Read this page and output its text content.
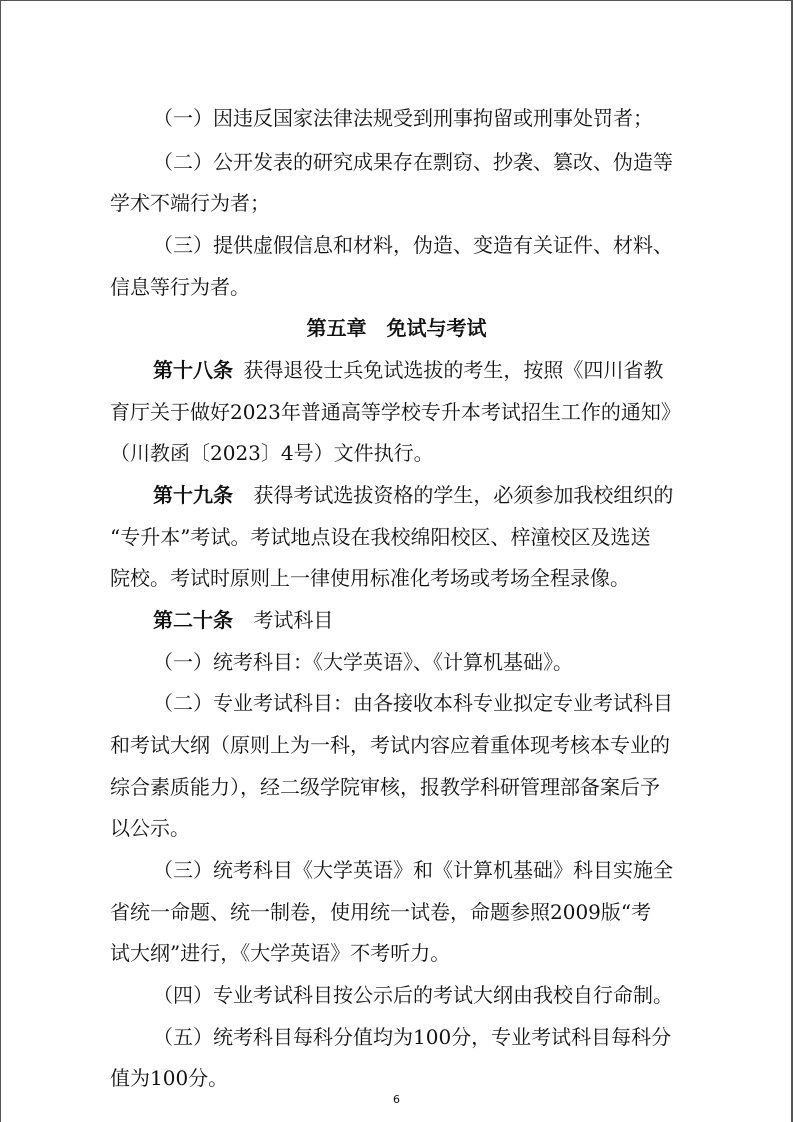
（一）因违反国家法律法规受到刑事拘留或刑事处罚者；
（二）公开发表的研究成果存在剽窃、抄袭、篡改、伪造等
学术不端行为者；
（三）提供虚假信息和材料，伪造、变造有关证件、材料、
信息等行为者。
第五章　免试与考试
第十八条 获得退役士兵免试选拔的考生，按照《四川省教
育厅关于做好2023年普通高等学校专升本考试招生工作的通知》
（川教函〔2023〕4号）文件执行。
第十九条 获得考试选拔资格的学生，必须参加我校组织的
“专升本”考试。考试地点设在我校绵阳校区、梓潼校区及选送
院校。考试时原则上一律使用标准化考场或考场全程录像。
第二十条 考试科目
（一）统考科目：《大学英语》、《计算机基础》。
（二）专业考试科目：由各接收本科专业拟定专业考试科目
和考试大纲（原则上为一科，考试内容应着重体现考核本专业的
综合素质能力），经二级学院审核，报教学科研管理部备案后予
以公示。
（三）统考科目《大学英语》和《计算机基础》科目实施全
省统一命题、统一制卷，使用统一试卷，命题参照2009版“考
试大纲”进行，《大学英语》不考听力。
（四）专业考试科目按公示后的考试大纲由我校自行命制。
（五）统考科目每科分值均为100分，专业考试科目每科分
值为100分。
6
